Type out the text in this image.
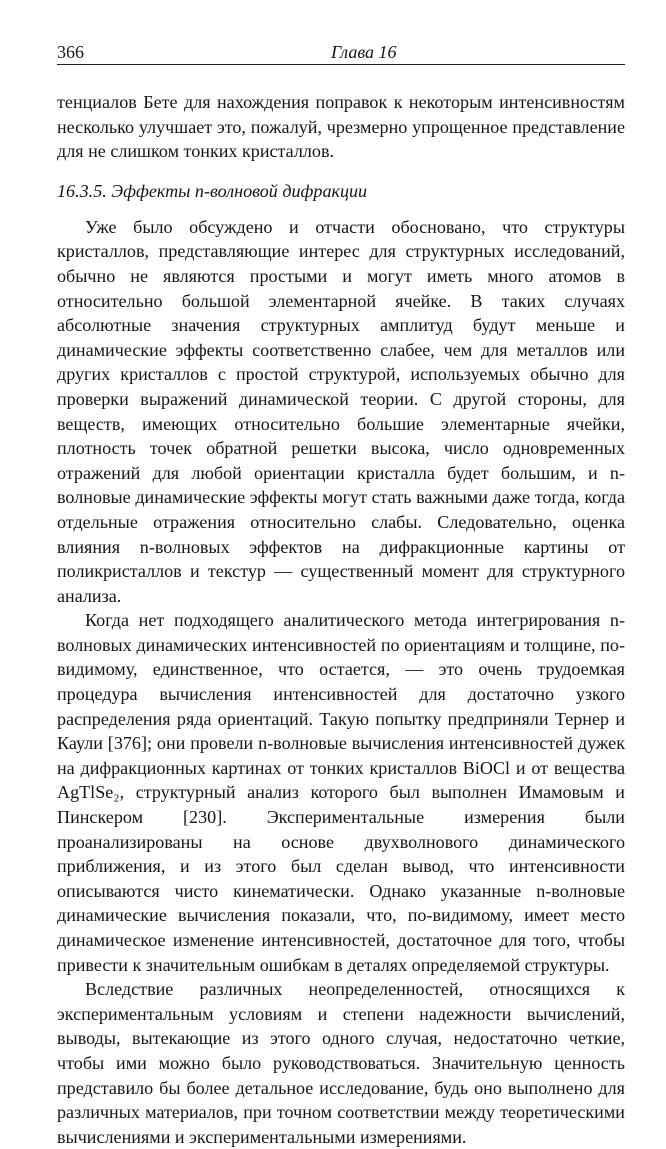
366	Глава 16

тенциалов Бете для нахождения поправок к некоторым интенсивностям несколько улучшает это, пожалуй, чрезмерно упрощенное представление для не слишком тонких кристаллов.

16.3.5. Эффекты n-волновой дифракции

Уже было обсуждено и отчасти обосновано, что структуры кристаллов, представляющие интерес для структурных исследований, обычно не являются простыми и могут иметь много атомов в относительно большой элементарной ячейке. В таких случаях абсолютные значения структурных амплитуд будут меньше и динамические эффекты соответственно слабее, чем для металлов или других кристаллов с простой структурой, используемых обычно для проверки выражений динамической теории. С другой стороны, для веществ, имеющих относительно большие элементарные ячейки, плотность точек обратной решетки высока, число одновременных отражений для любой ориентации кристалла будет большим, и n-волновые динамические эффекты могут стать важными даже тогда, когда отдельные отражения относительно слабы. Следовательно, оценка влияния n-волновых эффектов на дифракционные картины от поликристаллов и текстур — существенный момент для структурного анализа.

Когда нет подходящего аналитического метода интегрирования n-волновых динамических интенсивностей по ориентациям и толщине, по-видимому, единственное, что остается, — это очень трудоемкая процедура вычисления интенсивностей для достаточно узкого распределения ряда ориентаций. Такую попытку предприняли Тернер и Каули [376]; они провели n-волновые вычисления интенсивностей дужек на дифракционных картинах от тонких кристаллов BiOCl и от вещества AgTlSe₂, структурный анализ которого был выполнен Имамовым и Пинскером [230]. Экспериментальные измерения были проанализированы на основе двухволнового динамического приближения, и из этого был сделан вывод, что интенсивности описываются чисто кинематически. Однако указанные n-волновые динамические вычисления показали, что, по-видимому, имеет место динамическое изменение интенсивностей, достаточное для того, чтобы привести к значительным ошибкам в деталях определяемой структуры.

Вследствие различных неопределенностей, относящихся к экспериментальным условиям и степени надежности вычислений, выводы, вытекающие из этого одного случая, недостаточно четкие, чтобы ими можно было руководствоваться. Значительную ценность представило бы более детальное исследование, будь оно выполнено для различных материалов, при точном соответствии между теоретическими вычислениями и экспериментальными измерениями.
